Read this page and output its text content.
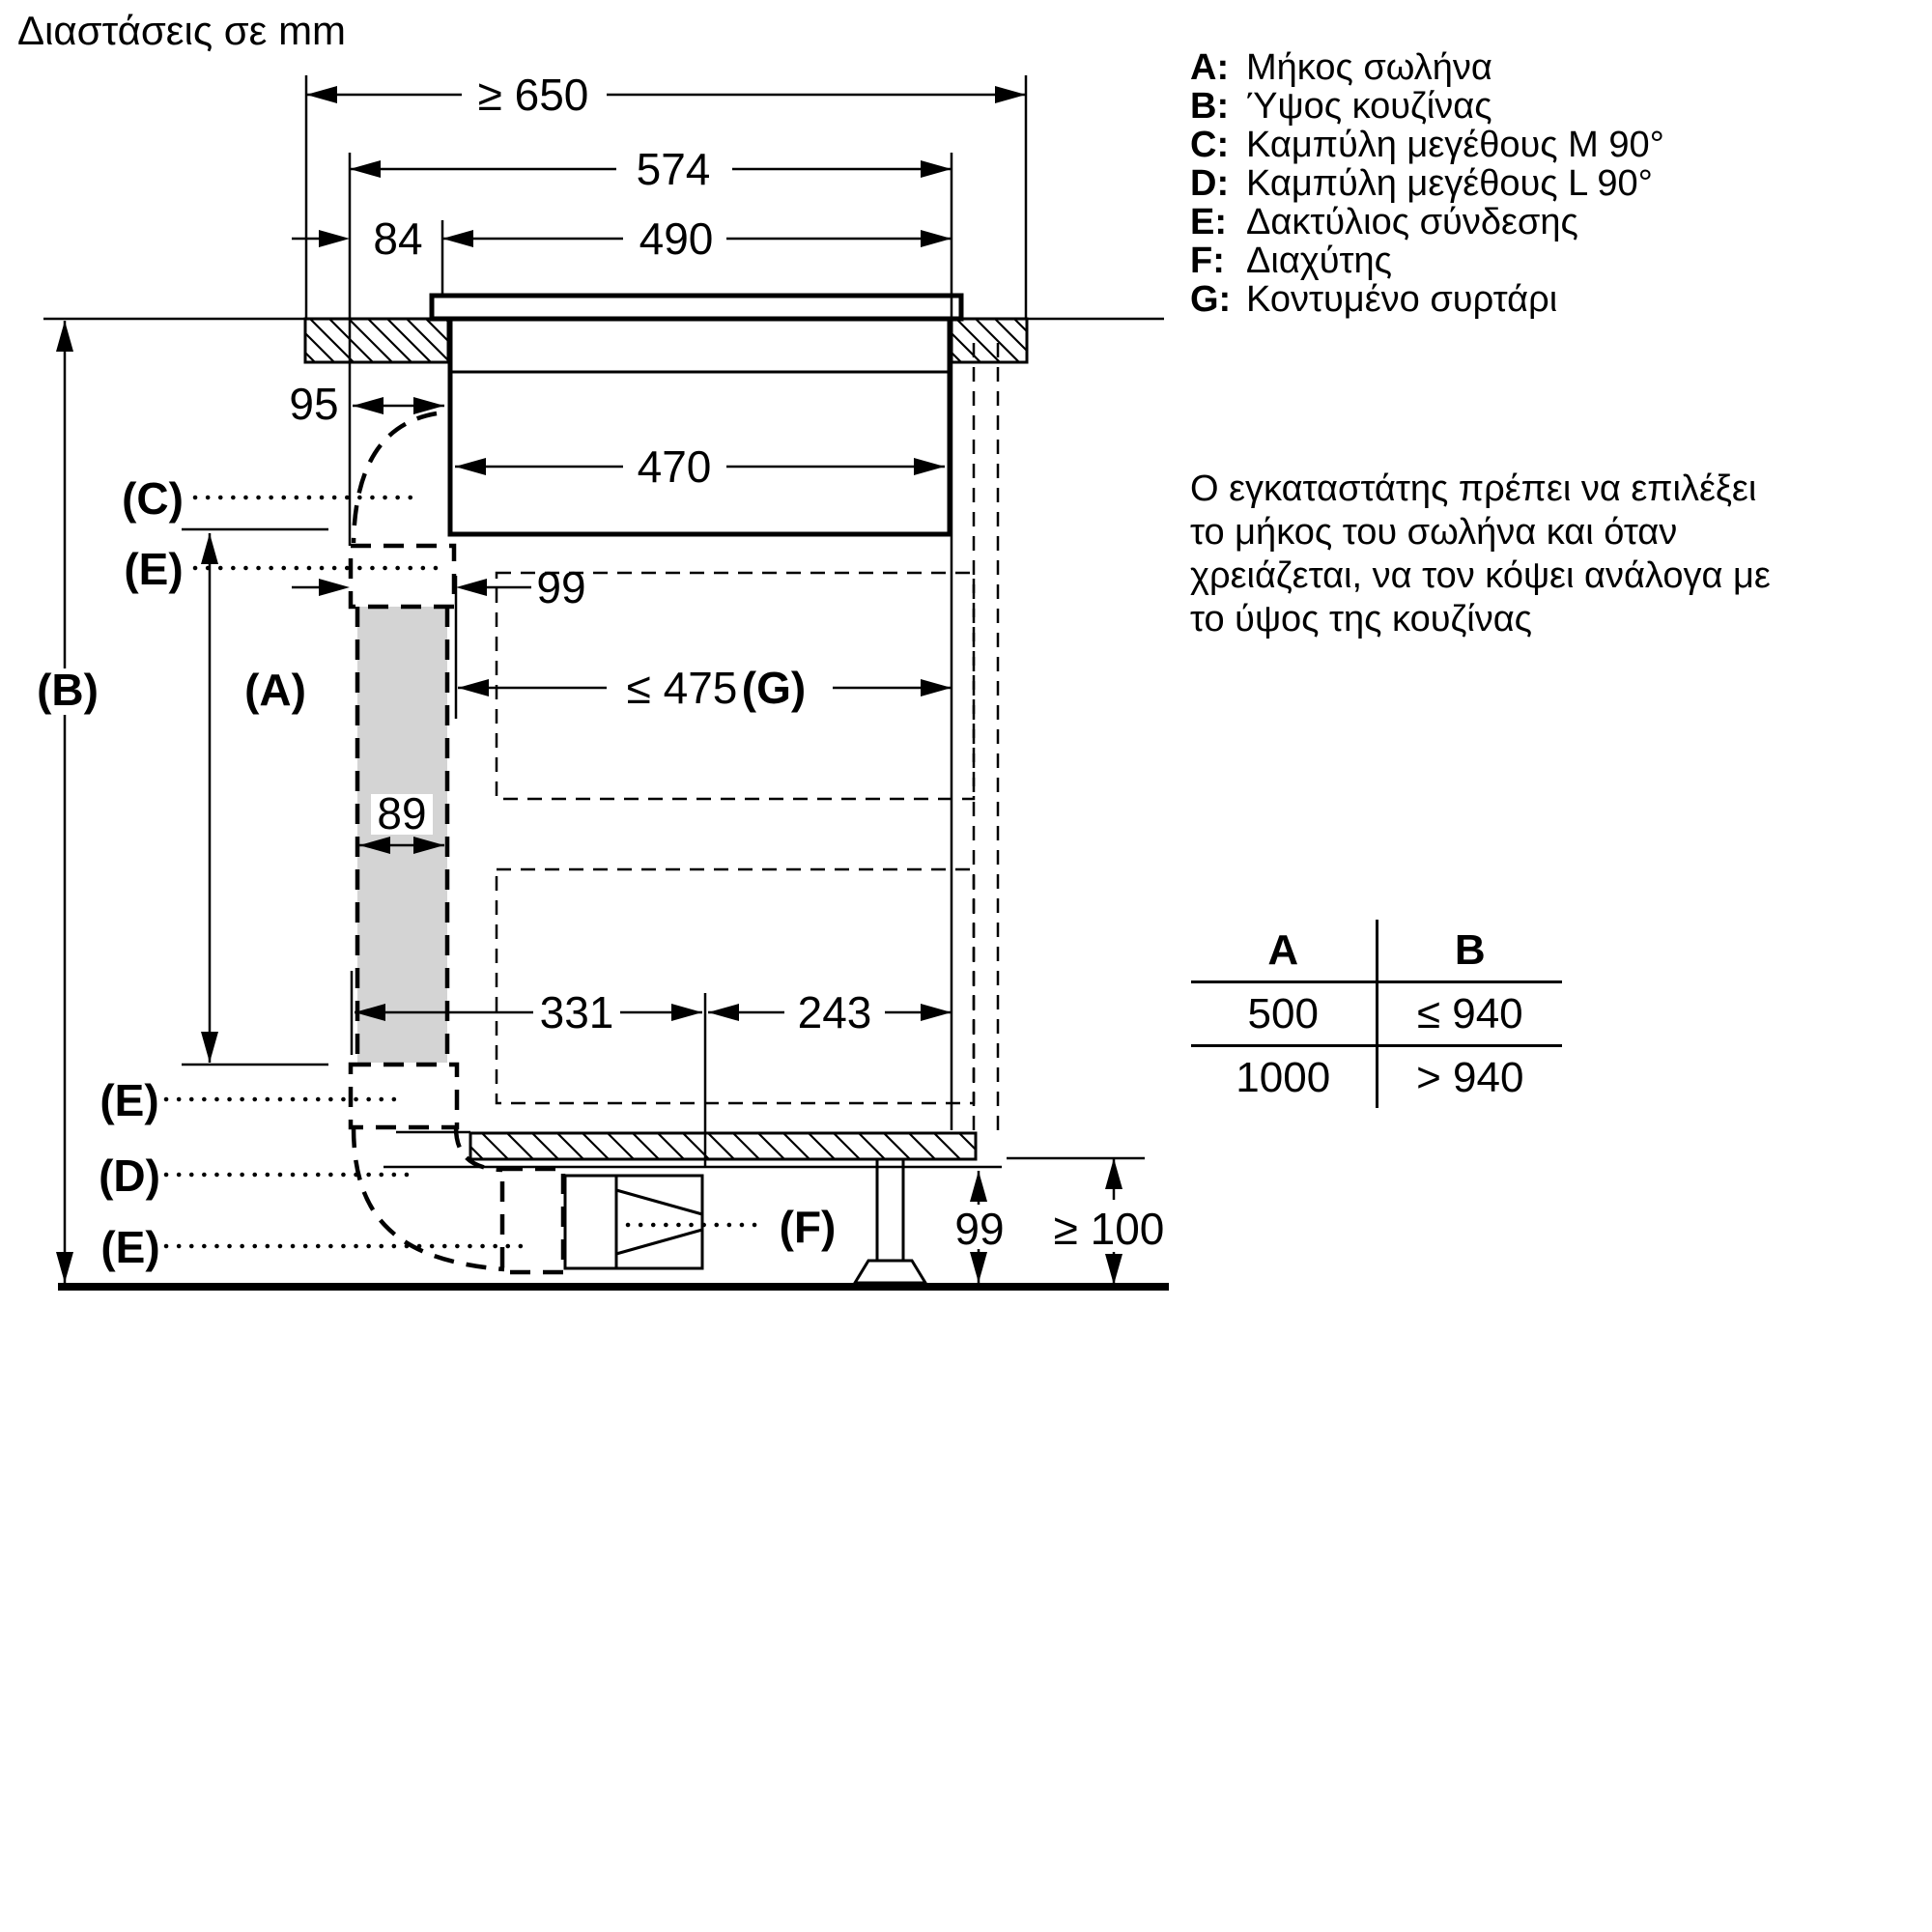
≥ 650
574
84	490
95
470
99
≤ 475 (G)
89
(A)
(B)
331	243
99 ≥ 100
(C)
(E)
(E)
(D)
(E)	(F)
Διαστάσεις σε mm
A: Μήκος σωλήνα
B: Ύψος κουζίνας
C: Καμπύλη μεγέθους M 90°
D: Καμπύλη μεγέθους L 90°
E: Δακτύλιος σύνδεσης
F: Διαχύτης
G: Κοντυμένο συρτάρι
Ο εγκαταστάτης πρέπει να επιλέξει
το μήκος του σωλήνα και όταν
χρειάζεται, να τον κόψει ανάλογα με
το ύψος της κουζίνας
A	B
500	≤ 940
1000	> 940
